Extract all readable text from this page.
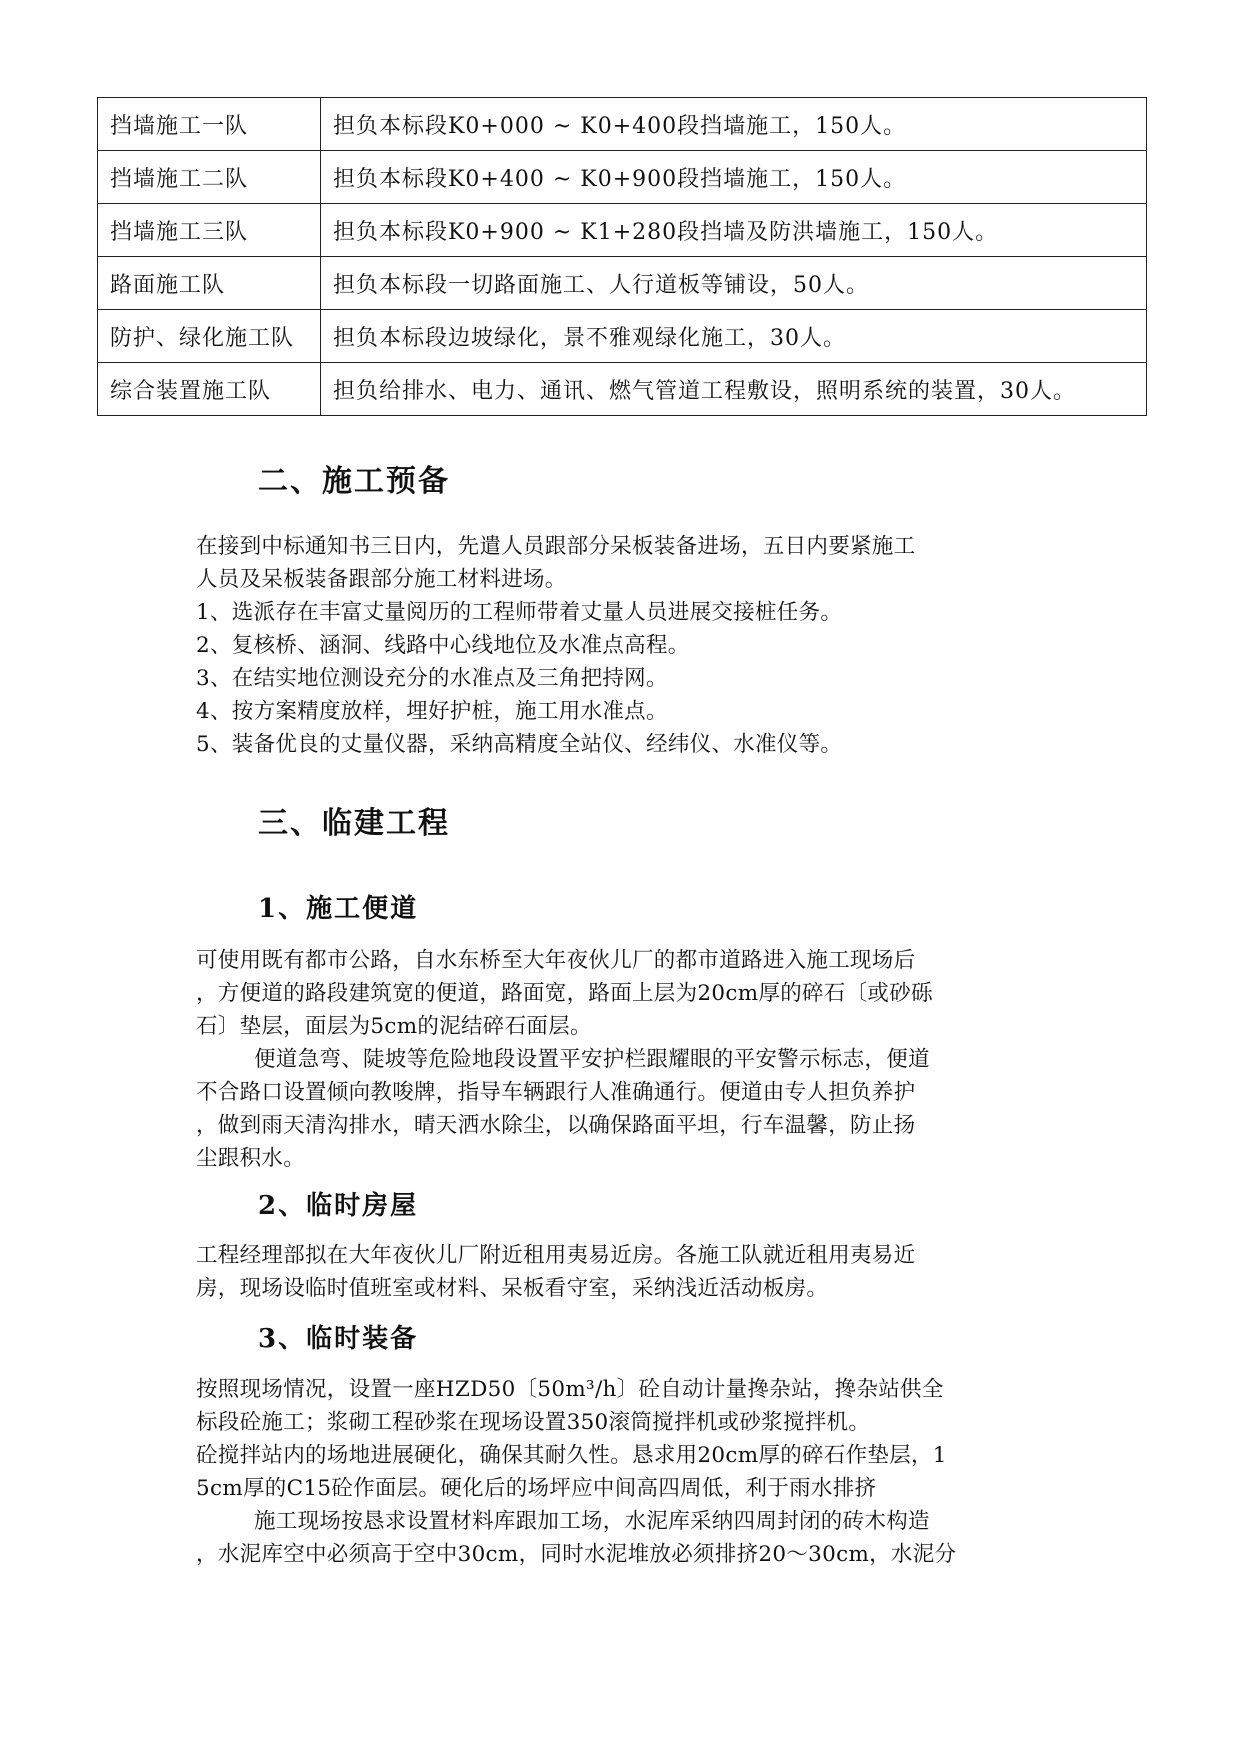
挡墙施工一队	担负本标段K0+000 ~ K0+400段挡墙施工，150人。
挡墙施工二队	担负本标段K0+400 ~ K0+900段挡墙施工，150人。
挡墙施工三队	担负本标段K0+900 ~ K1+280段挡墙及防洪墙施工，150人。
路面施工队	担负本标段一切路面施工、人行道板等铺设，50人。
防护、绿化施工队	担负本标段边坡绿化，景不雅观绿化施工，30人。
综合装置施工队	担负给排水、电力、通讯、燃气管道工程敷设，照明系统的装置，30人。
二、施工预备
在接到中标通知书三日内，先遣人员跟部分呆板装备进场，五日内要紧施工
人员及呆板装备跟部分施工材料进场。
1、选派存在丰富丈量阅历的工程师带着丈量人员进展交接桩任务。
2、复核桥、涵洞、线路中心线地位及水准点高程。
3、在结实地位测设充分的水准点及三角把持网。
4、按方案精度放样，埋好护桩，施工用水准点。
5、装备优良的丈量仪器，采纳高精度全站仪、经纬仪、水准仪等。
三、临建工程
1、施工便道
可使用既有都市公路，自水东桥至大年夜伙儿厂的都市道路进入施工现场后
，方便道的路段建筑宽的便道，路面宽，路面上层为20cm厚的碎石〔或砂砾
石〕垫层，面层为5cm的泥结碎石面层。
便道急弯、陡坡等危险地段设置平安护栏跟耀眼的平安警示标志，便道
不合路口设置倾向教唆牌，指导车辆跟行人准确通行。便道由专人担负养护
，做到雨天清沟排水，晴天洒水除尘，以确保路面平坦，行车温馨，防止扬
尘跟积水。
2、临时房屋
工程经理部拟在大年夜伙儿厂附近租用夷易近房。各施工队就近租用夷易近
房，现场设临时值班室或材料、呆板看守室，采纳浅近活动板房。
3、临时装备
按照现场情况，设置一座HZD50〔50m³/h〕砼自动计量搀杂站，搀杂站供全
标段砼施工；浆砌工程砂浆在现场设置350滚筒搅拌机或砂浆搅拌机。
砼搅拌站内的场地进展硬化，确保其耐久性。恳求用20cm厚的碎石作垫层，1
5cm厚的C15砼作面层。硬化后的场坪应中间高四周低，利于雨水排挤
施工现场按恳求设置材料库跟加工场，水泥库采纳四周封闭的砖木构造
，水泥库空中必须高于空中30cm，同时水泥堆放必须排挤20～30cm，水泥分
